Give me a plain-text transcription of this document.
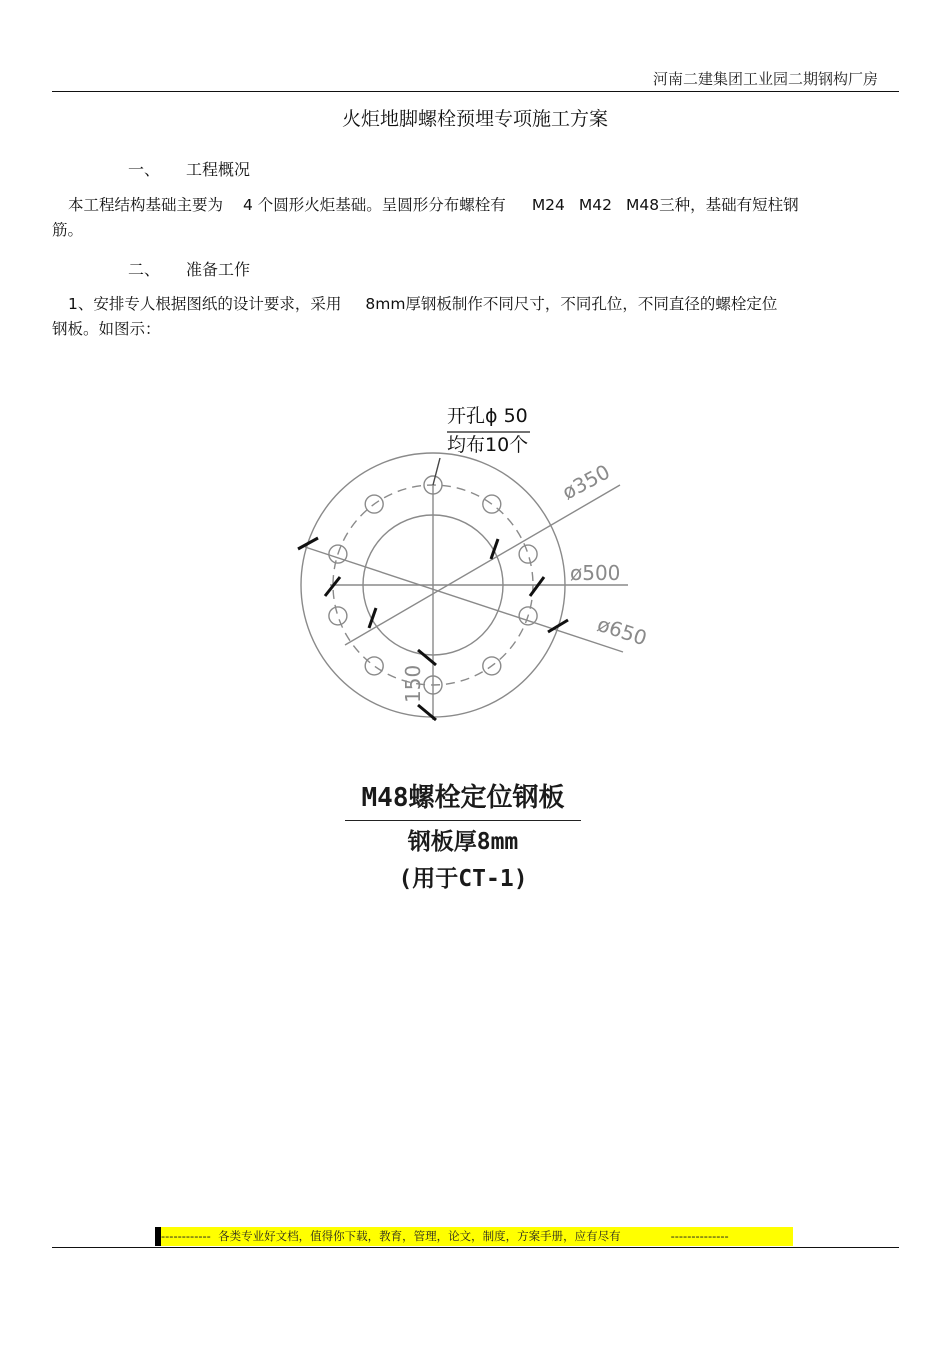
河南二建集团工业园二期钢构厂房
火炬地脚螺栓预埋专项施工方案
一、 工程概况
本工程结构基础主要为 4 个圆形火炬基础。呈圆形分布螺栓有 M24 M42 M48三种，基础有短柱钢
筋。
二、 准备工作
1、安排专人根据图纸的设计要求，采用 8mm厚钢板制作不同尺寸，不同孔位，不同直径的螺栓定位
钢板。如图示：
开孔ϕ 50
均布10个
ø350
ø500
ø650
150
M48螺栓定位钢板
钢板厚8mm
(用于CT-1)
------------ 各类专业好文档，值得你下载，教育，管理，论文，制度，方案手册，应有尽有	--------------
